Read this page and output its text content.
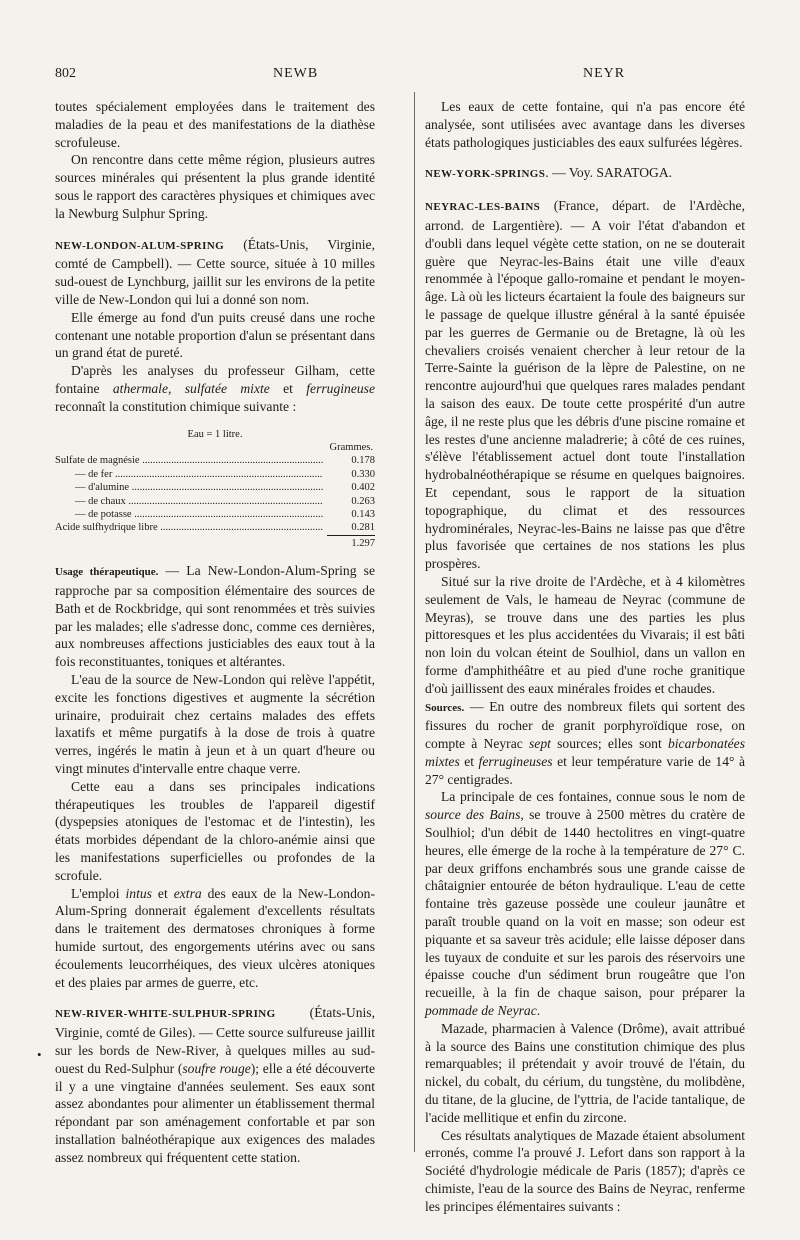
802	NEWB	NEYR
•

toutes spécialement employées dans le traitement des maladies de la peau et des manifestations de la diathèse scrofuleuse.

On rencontre dans cette même région, plusieurs autres sources minérales qui présentent la plus grande identité sous le rapport des caractères physiques et chimiques avec la Newburg Sulphur Spring.

NEW-LONDON-ALUM-SPRING (États-Unis, Virginie, comté de Campbell). — Cette source, située à 10 milles sud-ouest de Lynchburg, jaillit sur les environs de la petite ville de New-London qui lui a donné son nom.

Elle émerge au fond d'un puits creusé dans une roche contenant une notable proportion d'alun se présentant dans un grand état de pureté.

D'après les analyses du professeur Gilham, cette fontaine athermale, sulfatée mixte et ferrugineuse reconnaît la constitution chimique suivante :

Eau = 1 litre.
Grammes.
Sulfate de magnésie .....	0.178
— de fer .....	0.330
— d'alumine .....	0.402
— de chaux .....	0.263
— de potasse .....	0.143
Acide sulfhydrique libre .....	0.281
1.297

Usage thérapeutique. — La New-London-Alum-Spring se rapproche par sa composition élémentaire des sources de Bath et de Rockbridge, qui sont renommées et très suivies par les malades; elle s'adresse donc, comme ces dernières, aux nombreuses affections justiciables des eaux tout à la fois reconstituantes, toniques et altérantes.

L'eau de la source de New-London qui relève l'appétit, excite les fonctions digestives et augmente la sécrétion urinaire, produirait chez certains malades des effets laxatifs et même purgatifs à la dose de trois à quatre verres, ingérés le matin à jeun et à un quart d'heure ou vingt minutes d'intervalle entre chaque verre.

Cette eau a dans ses principales indications thérapeutiques les troubles de l'appareil digestif (dyspepsies atoniques de l'estomac et de l'intestin), les états morbides dépendant de la chloro-anémie ainsi que les manifestations superficielles ou profondes de la scrofule.

L'emploi intus et extra des eaux de la New-London-Alum-Spring donnerait également d'excellents résultats dans le traitement des dermatoses chroniques à forme humide surtout, des engorgements utérins avec ou sans écoulements leucorrhéiques, des vieux ulcères atoniques et des plaies par armes de guerre, etc.

NEW-RIVER-WHITE-SULPHUR-SPRING (États-Unis, Virginie, comté de Giles). — Cette source sulfureuse jaillit sur les bords de New-River, à quelques milles au sud-ouest du Red-Sulphur (soufre rouge); elle a été découverte il y a une vingtaine d'années seulement. Ses eaux sont assez abondantes pour alimenter un établissement thermal répondant par son aménagement confortable et par son installation balnéothérapique aux exigences des malades assez nombreux qui fréquentent cette station.

Les eaux de cette fontaine, qui n'a pas encore été analysée, sont utilisées avec avantage dans les diverses états pathologiques justiciables des eaux sulfurées légères.

NEW-YORK-SPRINGS. — Voy. SARATOGA.

NEYRAC-LES-BAINS (France, départ. de l'Ardèche, arrond. de Largentière). — A voir l'état d'abandon et d'oubli dans lequel végète cette station, on ne se douterait guère que Neyrac-les-Bains était une ville d'eaux renommée à l'époque gallo-romaine et pendant le moyen-âge. Là où les licteurs écartaient la foule des baigneurs sur le passage de quelque illustre général à la santé épuisée par les guerres de Germanie ou de Bretagne, là où les chevaliers croisés venaient chercher à leur retour de la Terre-Sainte la guérison de la lèpre de Palestine, on ne rencontre aujourd'hui que quelques rares malades pendant la saison des eaux. De toute cette prospérité d'un autre âge, il ne reste plus que les débris d'une piscine romaine et les restes d'une ancienne maladrerie; à côté de ces ruines, s'élève l'établissement actuel dont toute l'installation hydrobalnéothérapique se résume en quelques baignoires. Et cependant, sous le rapport de la situation topographique, du climat et des ressources hydrominérales, Neyrac-les-Bains ne laisse pas que d'être plus favorisée que certaines de nos stations les plus prospères.

Situé sur la rive droite de l'Ardèche, et à 4 kilomètres seulement de Vals, le hameau de Neyrac (commune de Meyras), se trouve dans une des parties les plus pittoresques et les plus accidentées du Vivarais; il est bâti non loin du volcan éteint de Soulhiol, dans un vallon en forme d'amphithéâtre et au pied d'une roche granitique d'où jaillissent des eaux minérales froides et chaudes.

Sources. — En outre des nombreux filets qui sortent des fissures du rocher de granit porphyroïdique rose, on compte à Neyrac sept sources; elles sont bicarbonatées mixtes et ferrugineuses et leur température varie de 14° à 27° centigrades.

La principale de ces fontaines, connue sous le nom de source des Bains, se trouve à 2500 mètres du cratère de Soulhiol; d'un débit de 1440 hectolitres en vingt-quatre heures, elle émerge de la roche à la température de 27° C. par deux griffons enchambrés sous une grande caisse de châtaignier entourée de béton hydraulique. L'eau de cette fontaine très gazeuse possède une couleur jaunâtre et paraît trouble quand on la voit en masse; son odeur est piquante et sa saveur très acidule; elle laisse déposer dans les tuyaux de conduite et sur les parois des réservoirs une épaisse couche d'un sédiment brun rougeâtre que l'on recueille, à la fin de chaque saison, pour préparer la pommade de Neyrac.

Mazade, pharmacien à Valence (Drôme), avait attribué à la source des Bains une constitution chimique des plus remarquables; il prétendait y avoir trouvé de l'étain, du nickel, du cobalt, du cérium, du tungstène, du molibdène, du titane, de la glucine, de l'yttria, de l'acide tantalique, de l'acide mellitique et enfin du zircone.

Ces résultats analytiques de Mazade étaient absolument erronés, comme l'a prouvé J. Lefort dans son rapport à la Société d'hydrologie médicale de Paris (1857); d'après ce chimiste, l'eau de la source des Bains de Neyrac, renferme les principes élémentaires suivants :
